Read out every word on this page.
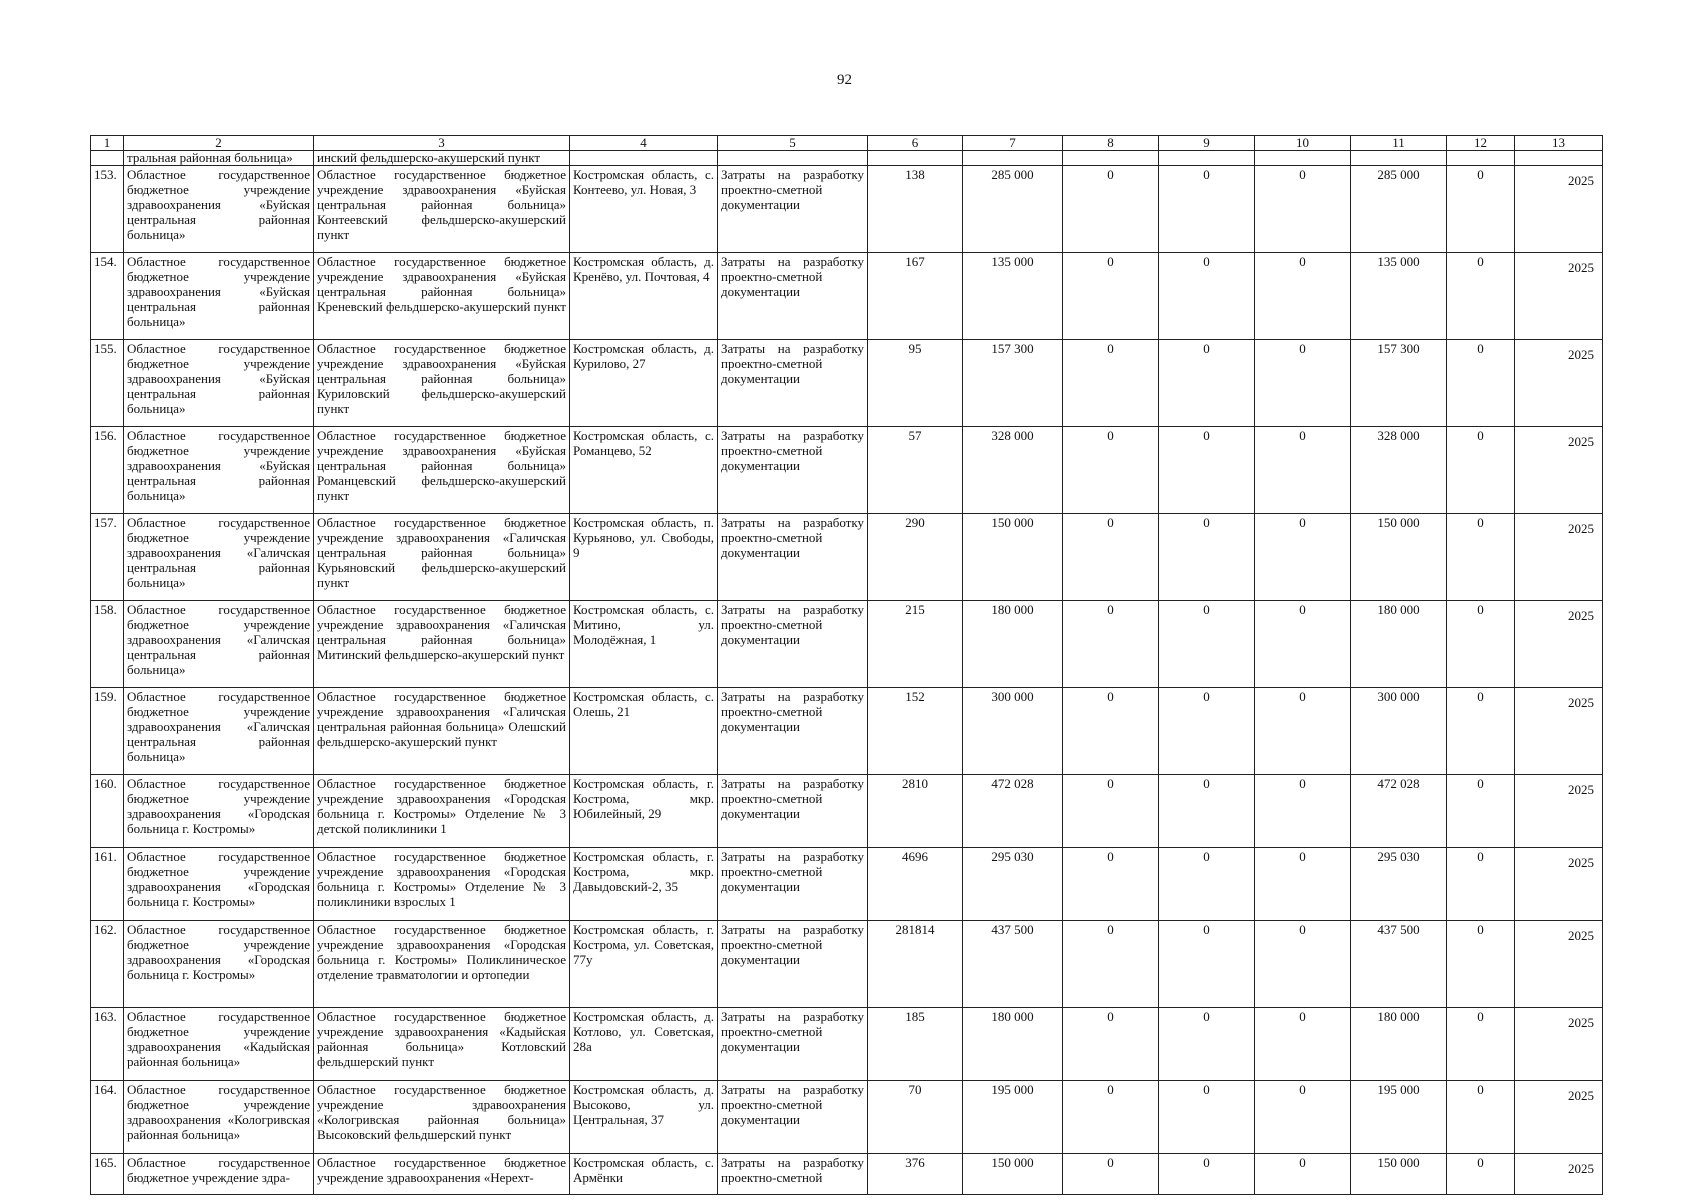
92
1	2	3	4	5	6	7	8	9	10	11	12	13
	тральная районная больница»	инский фельдшерско-акушерский пункт										
153.	Областное государственное бюджетное учреждение здравоохранения «Буйская центральная районная больница»	Областное государственное бюджетное учреждение здравоохранения «Буйская центральная районная больница» Контеевский фельдшерско-акушерский пункт	Костромская область, с. Контеево, ул. Новая, 3	Затраты на разработку проектно-сметной документации	138	285 000	0	0	0	285 000	0	2025
154.	Областное государственное бюджетное учреждение здравоохранения «Буйская центральная районная больница»	Областное государственное бюджетное учреждение здравоохранения «Буйская центральная районная больница» Креневский фельдшерско-акушерский пункт	Костромская область, д. Кренёво, ул. Почтовая, 4	Затраты на разработку проектно-сметной документации	167	135 000	0	0	0	135 000	0	2025
155.	Областное государственное бюджетное учреждение здравоохранения «Буйская центральная районная больница»	Областное государственное бюджетное учреждение здравоохранения «Буйская центральная районная больница» Куриловский фельдшерско-акушерский пункт	Костромская область, д. Курилово, 27	Затраты на разработку проектно-сметной документации	95	157 300	0	0	0	157 300	0	2025
156.	Областное государственное бюджетное учреждение здравоохранения «Буйская центральная районная больница»	Областное государственное бюджетное учреждение здравоохранения «Буйская центральная районная больница» Романцевский фельдшерско-акушерский пункт	Костромская область, с. Романцево, 52	Затраты на разработку проектно-сметной документации	57	328 000	0	0	0	328 000	0	2025
157.	Областное государственное бюджетное учреждение здравоохранения «Галичская центральная районная больница»	Областное государственное бюджетное учреждение здравоохранения «Галичская центральная районная больница» Курьяновский фельдшерско-акушерский пункт	Костромская область, п. Курьяново, ул. Свободы, 9	Затраты на разработку проектно-сметной документации	290	150 000	0	0	0	150 000	0	2025
158.	Областное государственное бюджетное учреждение здравоохранения «Галичская центральная районная больница»	Областное государственное бюджетное учреждение здравоохранения «Галичская центральная районная больница» Митинский фельдшерско-акушерский пункт	Костромская область, с. Митино, ул. Молодёжная, 1	Затраты на разработку проектно-сметной документации	215	180 000	0	0	0	180 000	0	2025
159.	Областное государственное бюджетное учреждение здравоохранения «Галичская центральная районная больница»	Областное государственное бюджетное учреждение здравоохранения «Галичская центральная районная больница» Олешский фельдшерско-акушерский пункт	Костромская область, с. Олешь, 21	Затраты на разработку проектно-сметной документации	152	300 000	0	0	0	300 000	0	2025
160.	Областное государственное бюджетное учреждение здравоохранения «Городская больница г. Костромы»	Областное государственное бюджетное учреждение здравоохранения «Городская больница г. Костромы» Отделение № 3 детской поликлиники 1	Костромская область, г. Кострома, мкр. Юбилейный, 29	Затраты на разработку проектно-сметной документации	2810	472 028	0	0	0	472 028	0	2025
161.	Областное государственное бюджетное учреждение здравоохранения «Городская больница г. Костромы»	Областное государственное бюджетное учреждение здравоохранения «Городская больница г. Костромы» Отделение № 3 поликлиники взрослых 1	Костромская область, г. Кострома, мкр. Давыдовский-2, 35	Затраты на разработку проектно-сметной документации	4696	295 030	0	0	0	295 030	0	2025
162.	Областное государственное бюджетное учреждение здравоохранения «Городская больница г. Костромы»	Областное государственное бюджетное учреждение здравоохранения «Городская больница г. Костромы» Поликлиническое отделение травматологии и ортопедии	Костромская область, г. Кострома, ул. Советская, 77у	Затраты на разработку проектно-сметной документации	281814	437 500	0	0	0	437 500	0	2025
163.	Областное государственное бюджетное учреждение здравоохранения «Кадыйская районная больница»	Областное государственное бюджетное учреждение здравоохранения «Кадыйская районная больница» Котловский фельдшерский пункт	Костромская область, д. Котлово, ул. Советская, 28а	Затраты на разработку проектно-сметной документации	185	180 000	0	0	0	180 000	0	2025
164.	Областное государственное бюджетное учреждение здравоохранения «Кологривская районная больница»	Областное государственное бюджетное учреждение здравоохранения «Кологривская районная больница» Высоковский фельдшерский пункт	Костромская область, д. Высоково, ул. Центральная, 37	Затраты на разработку проектно-сметной документации	70	195 000	0	0	0	195 000	0	2025
165.	Областное государственное бюджетное учреждение здра-	Областное государственное бюджетное учреждение здравоохранения «Нерехт-	Костромская область, с. Армёнки	Затраты на разработку проектно-сметной	376	150 000	0	0	0	150 000	0	2025
